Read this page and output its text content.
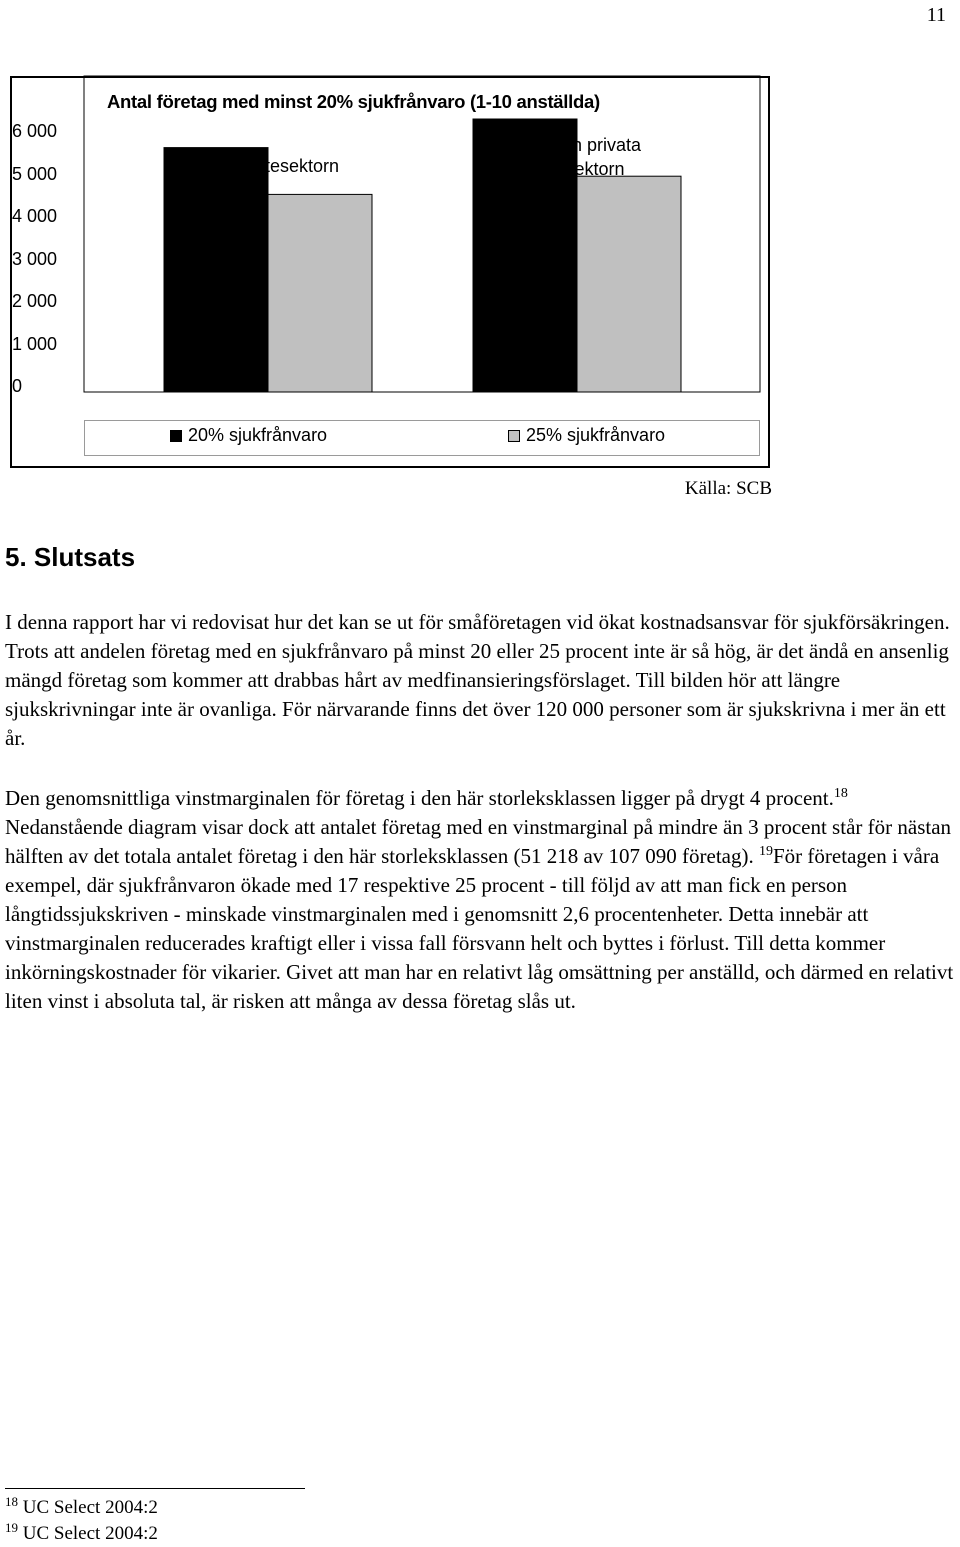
11
Antal företag med minst 20% sjukfrånvaro (1-10 anställda)
0
1 000
2 000
3 000
4 000
5 000
6 000
Tjänstesektorn
Den privata sektorn
20% sjukfrånvaro	25% sjukfrånvaro
Källa: SCB
5. Slutsats

I denna rapport har vi redovisat hur det kan se ut för småföretagen vid ökat kostnadsansvar för sjukförsäkringen. Trots att andelen företag med en sjukfrånvaro på minst 20 eller 25 procent inte är så hög, är det ändå en ansenlig mängd företag som kommer att drabbas hårt av medfinansieringsförslaget. Till bilden hör att längre sjukskrivningar inte är ovanliga. För närvarande finns det över 120 000 personer som är sjukskrivna i mer än ett år.

Den genomsnittliga vinstmarginalen för företag i den här storleksklassen ligger på drygt 4 procent.$^{18}$ Nedanstående diagram visar dock att antalet företag med en vinstmarginal på mindre än 3 procent står för nästan hälften av det totala antalet företag i den här storleksklassen (51 218 av 107 090 företag). $^{19}$För företagen i våra exempel, där sjukfrånvaron ökade med 17 respektive 25 procent - till följd av att man fick en person långtidssjukskriven - minskade vinstmarginalen med i genomsnitt 2,6 procentenheter. Detta innebär att vinstmarginalen reducerades kraftigt eller i vissa fall försvann helt och byttes i förlust. Till detta kommer inkörningskostnader för vikarier. Givet att man har en relativt låg omsättning per anställd, och därmed en relativt liten vinst i absoluta tal, är risken att många av dessa företag slås ut.

$^{18}$ UC Select 2004:2
$^{19}$ UC Select 2004:2
